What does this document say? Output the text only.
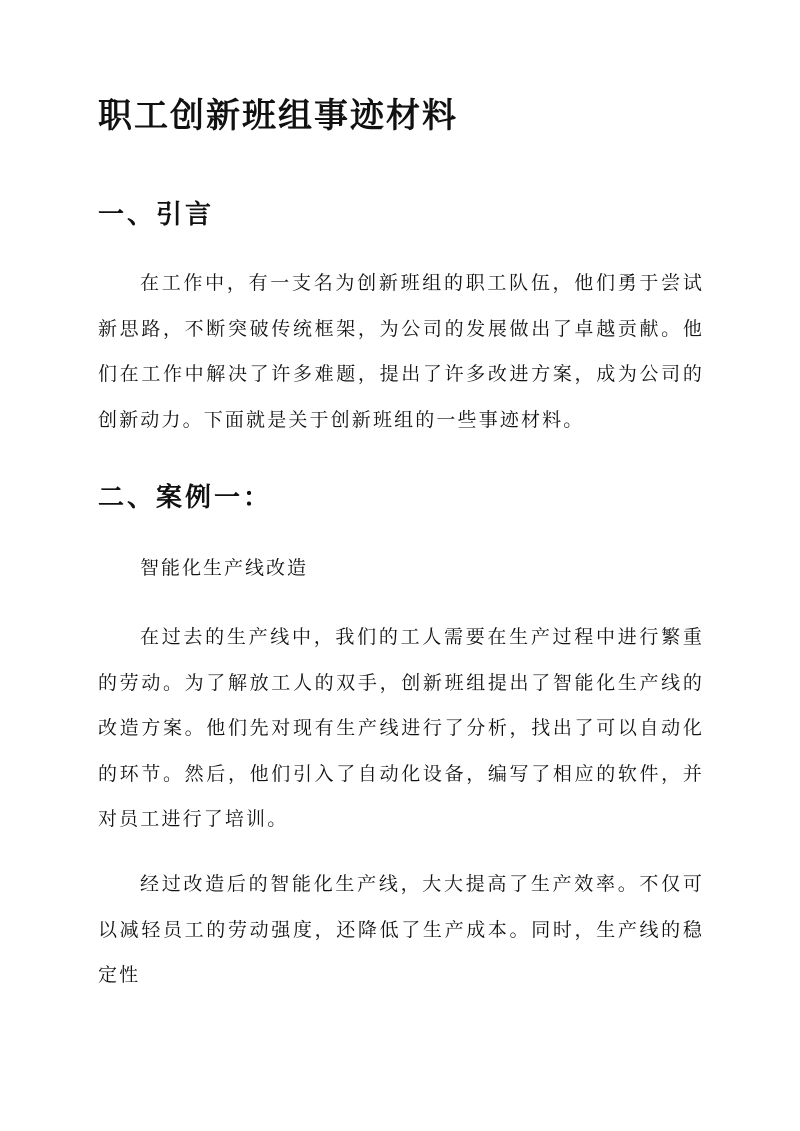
职工创新班组事迹材料
一、引言

在工作中，有一支名为创新班组的职工队伍，他们勇于尝试新思路，不断突破传统框架，为公司的发展做出了卓越贡献。他们在工作中解决了许多难题，提出了许多改进方案，成为公司的创新动力。下面就是关于创新班组的一些事迹材料。

二、案例一：

智能化生产线改造

在过去的生产线中，我们的工人需要在生产过程中进行繁重的劳动。为了解放工人的双手，创新班组提出了智能化生产线的改造方案。他们先对现有生产线进行了分析，找出了可以自动化的环节。然后，他们引入了自动化设备，编写了相应的软件，并对员工进行了培训。

经过改造后的智能化生产线，大大提高了生产效率。不仅可以减轻员工的劳动强度，还降低了生产成本。同时，生产线的稳定性
